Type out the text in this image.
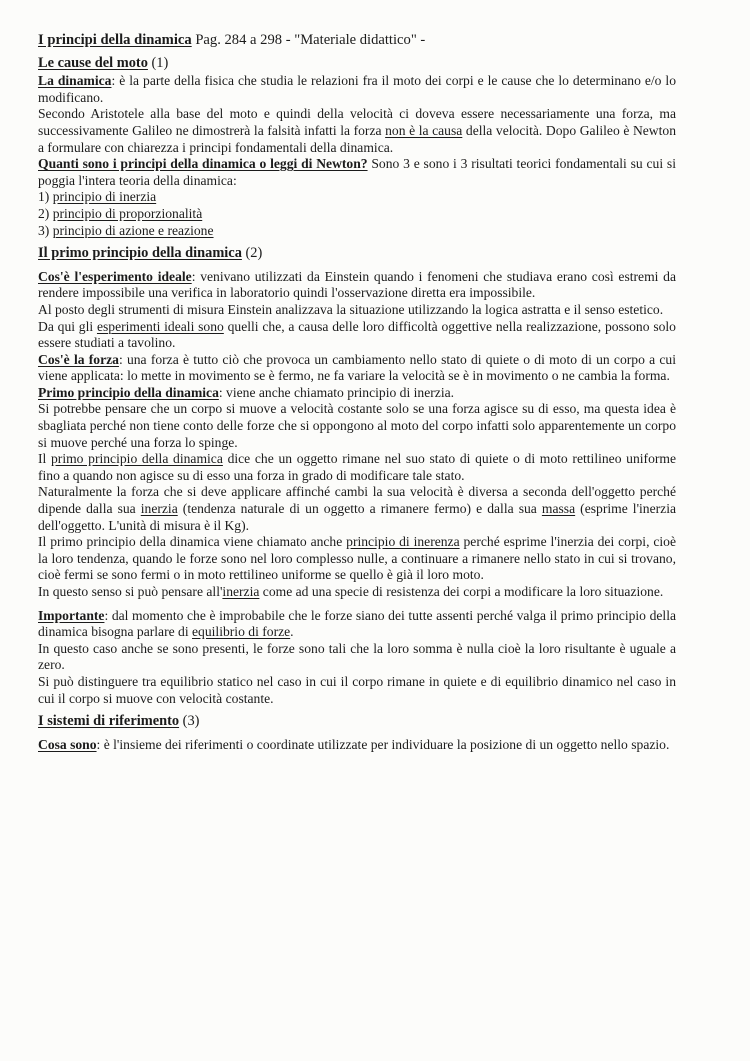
I principi della dinamica Pag. 284 a 298 - "Materiale didattico" -

Le cause del moto (1)

La dinamica: è la parte della fisica che studia le relazioni fra il moto dei corpi e le cause che lo determinano e/o lo modificano.

Secondo Aristotele alla base del moto e quindi della velocità ci doveva essere necessariamente una forza, ma successivamente Galileo ne dimostrerà la falsità infatti la forza non è la causa della velocità. Dopo Galileo è Newton a formulare con chiarezza i principi fondamentali della dinamica.

Quanti sono i principi della dinamica o leggi di Newton? Sono 3 e sono i 3 risultati teorici fondamentali su cui si poggia l'intera teoria della dinamica:

1) principio di inerzia
2) principio di proporzionalità
3) principio di azione e reazione

Il primo principio della dinamica (2)

Cos'è l'esperimento ideale: venivano utilizzati da Einstein quando i fenomeni che studiava erano così estremi da rendere impossibile una verifica in laboratorio quindi l'osservazione diretta era impossibile.

Al posto degli strumenti di misura Einstein analizzava la situazione utilizzando la logica astratta e il senso estetico.

Da qui gli esperimenti ideali sono quelli che, a causa delle loro difficoltà oggettive nella realizzazione, possono solo essere studiati a tavolino.

Cos'è la forza: una forza è tutto ciò che provoca un cambiamento nello stato di quiete o di moto di un corpo a cui viene applicata: lo mette in movimento se è fermo, ne fa variare la velocità se è in movimento o ne cambia la forma.

Primo principio della dinamica: viene anche chiamato principio di inerzia.

Si potrebbe pensare che un corpo si muove a velocità costante solo se una forza agisce su di esso, ma questa idea è sbagliata perché non tiene conto delle forze che si oppongono al moto del corpo infatti solo apparentemente un corpo si muove perché una forza lo spinge.

Il primo principio della dinamica dice che un oggetto rimane nel suo stato di quiete o di moto rettilineo uniforme fino a quando non agisce su di esso una forza in grado di modificare tale stato.

Naturalmente la forza che si deve applicare affinché cambi la sua velocità è diversa a seconda dell'oggetto perché dipende dalla sua inerzia (tendenza naturale di un oggetto a rimanere fermo) e dalla sua massa (esprime l'inerzia dell'oggetto. L'unità di misura è il Kg).

Il primo principio della dinamica viene chiamato anche principio di inerenza perché esprime l'inerzia dei corpi, cioè la loro tendenza, quando le forze sono nel loro complesso nulle, a continuare a rimanere nello stato in cui si trovano, cioè fermi se sono fermi o in moto rettilineo uniforme se quello è già il loro moto.

In questo senso si può pensare all'inerzia come ad una specie di resistenza dei corpi a modificare la loro situazione.

Importante: dal momento che è improbabile che le forze siano dei tutte assenti perché valga il primo principio della dinamica bisogna parlare di equilibrio di forze.

In questo caso anche se sono presenti, le forze sono tali che la loro somma è nulla cioè la loro risultante è uguale a zero.

Si può distinguere tra equilibrio statico nel caso in cui il corpo rimane in quiete e di equilibrio dinamico nel caso in cui il corpo si muove con velocità costante.

I sistemi di riferimento (3)

Cosa sono: è l'insieme dei riferimenti o coordinate utilizzate per individuare la posizione di un oggetto nello spazio.
